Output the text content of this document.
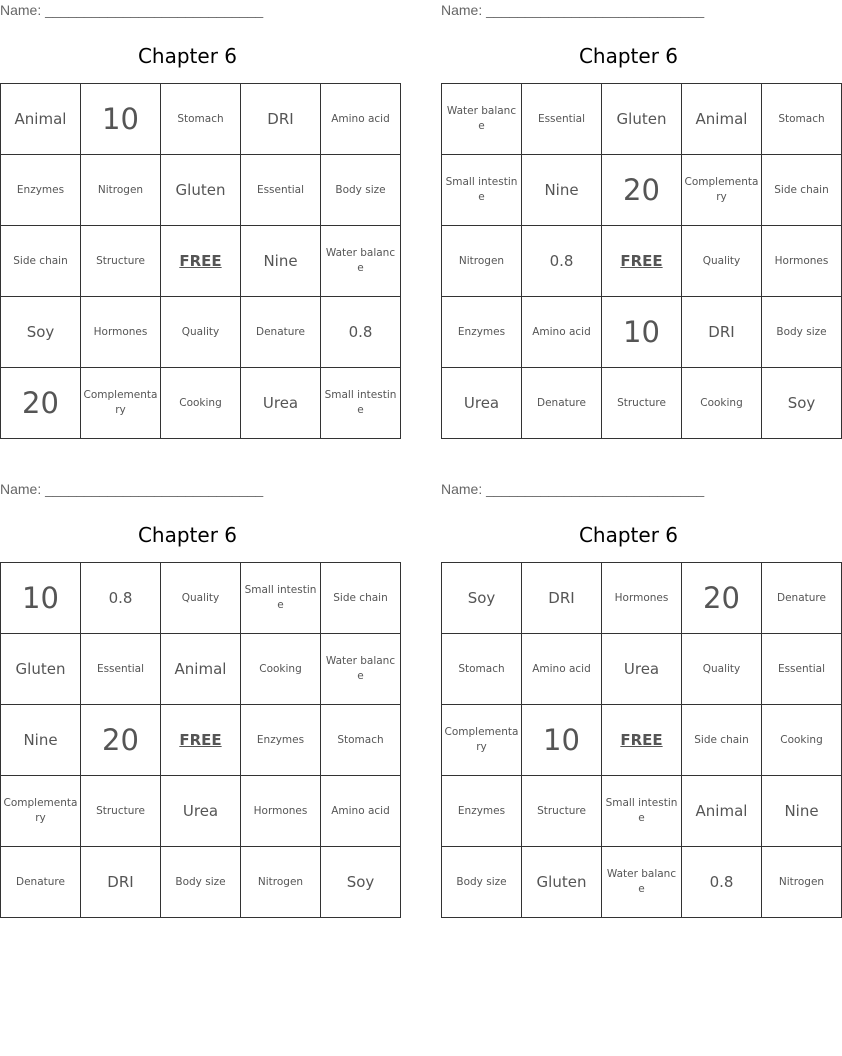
Name: ____________________________
Chapter 6
Animal	10	Stomach	DRI	Amino acid
Enzymes	Nitrogen	Gluten	Essential	Body size
Side chain	Structure	FREE	Nine	Water balance
Soy	Hormones	Quality	Denature	0.8
20	Complementary	Cooking	Urea	Small intestine
Name: ____________________________
Chapter 6
Water balance	Essential	Gluten	Animal	Stomach
Small intestine	Nine	20	Complementary	Side chain
Nitrogen	0.8	FREE	Quality	Hormones
Enzymes	Amino acid	10	DRI	Body size
Urea	Denature	Structure	Cooking	Soy
Name: ____________________________
Chapter 6
10	0.8	Quality	Small intestine	Side chain
Gluten	Essential	Animal	Cooking	Water balance
Nine	20	FREE	Enzymes	Stomach
Complementary	Structure	Urea	Hormones	Amino acid
Denature	DRI	Body size	Nitrogen	Soy
Name: ____________________________
Chapter 6
Soy	DRI	Hormones	20	Denature
Stomach	Amino acid	Urea	Quality	Essential
Complementary	10	FREE	Side chain	Cooking
Enzymes	Structure	Small intestine	Animal	Nine
Body size	Gluten	Water balance	0.8	Nitrogen
